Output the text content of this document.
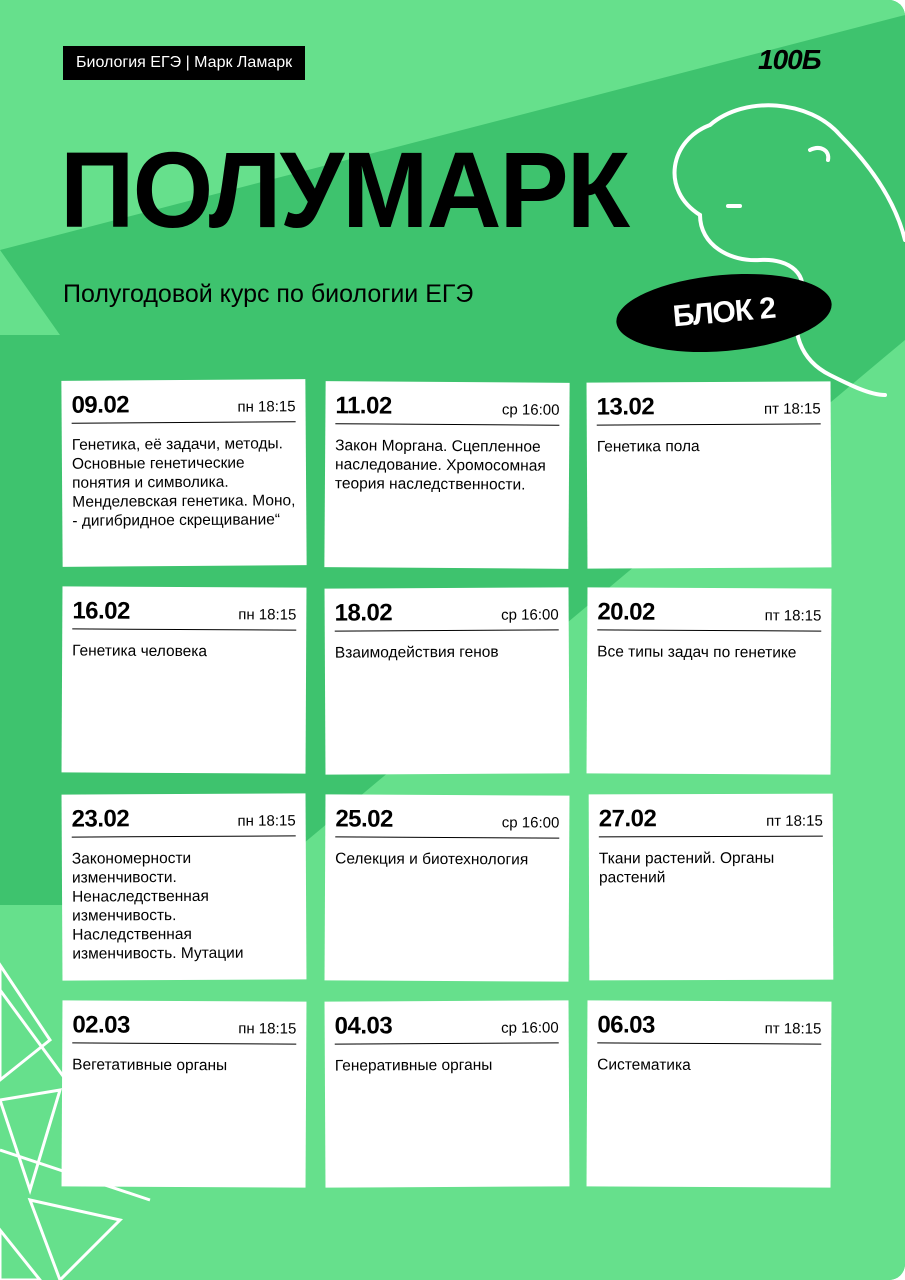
Биология ЕГЭ | Марк Ламарк	100Б
ПОЛУМАРК
Полугодовой курс по биологии ЕГЭ	БЛОК 2
09.02	пн 18:15
Генетика, её задачи, методы. Основные генетические понятия и символика. Менделевская генетика. Моно, - дигибридное скрещивание“
11.02	ср 16:00
Закон Моргана. Сцепленное наследование. Хромосомная теория наследственности.
13.02	пт 18:15
Генетика пола
16.02	пн 18:15
Генетика человека
18.02	ср 16:00
Взаимодействия генов
20.02	пт 18:15
Все типы задач по генетике
23.02	пн 18:15
Закономерности изменчивости. Ненаследственная изменчивость. Наследственная изменчивость. Мутации
25.02	ср 16:00
Селекция и биотехнология
27.02	пт 18:15
Ткани растений. Органы растений
02.03	пн 18:15
Вегетативные органы
04.03	ср 16:00
Генеративные органы
06.03	пт 18:15
Систематика
